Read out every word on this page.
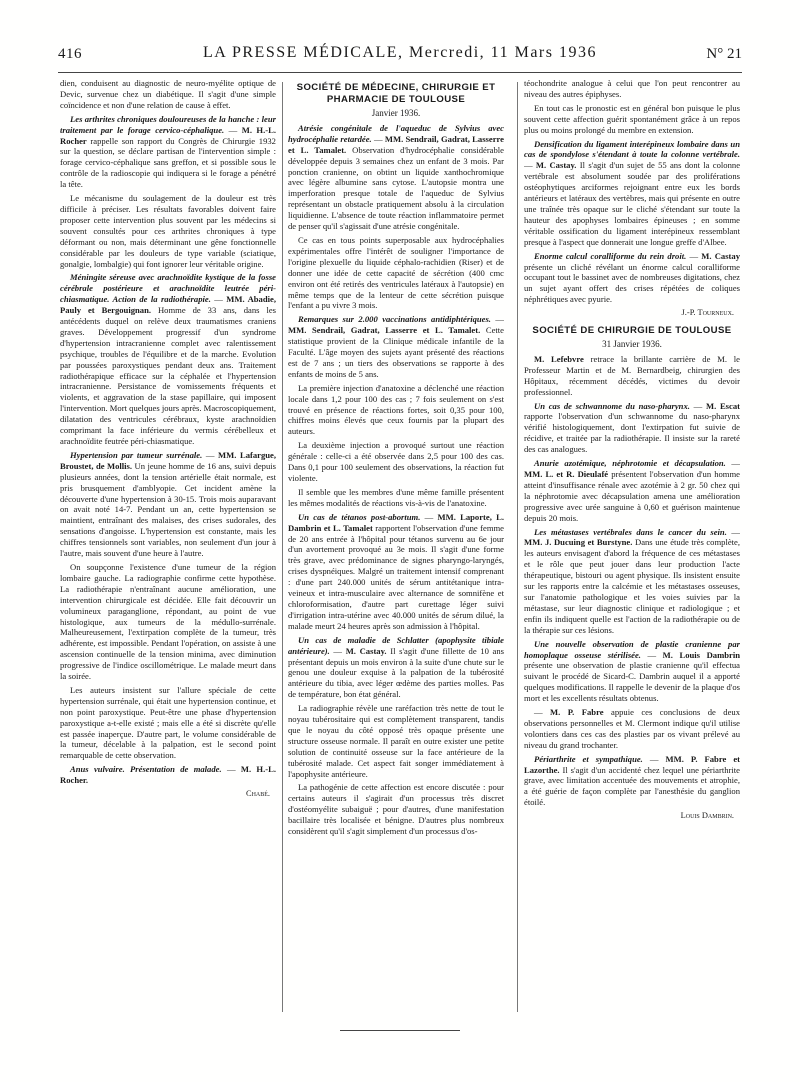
416	LA PRESSE MÉDICALE, Mercredi, 11 Mars 1936	N° 21

dien, conduisent au diagnostic de neuro-myélite optique de Devic, survenue chez un diabétique. Il s'agit d'une simple coïncidence et non d'une relation de cause à effet.

Les arthrites chroniques douloureuses de la hanche : leur traitement par le forage cervico-céphalique. — M. H.-L. Rocher rappelle son rapport du Congrès de Chirurgie 1932 sur la question, se déclare partisan de l'intervention simple : forage cervico-céphalique sans greffon, et si possible sous le contrôle de la radioscopie qui indiquera si le forage a pénétré la tête.

Le mécanisme du soulagement de la douleur est très difficile à préciser. Les résultats favorables doivent faire proposer cette intervention plus souvent par les médecins si souvent consultés pour ces arthrites chroniques à type déformant ou non, mais déterminant une gêne fonctionnelle considérable par les douleurs de type variable (sciatique, gonalgie, lombalgie) qui font ignorer leur véritable origine.

Méningite séreuse avec arachnoïdite kystique de la fosse cérébrale postérieure et arachnoïdite leutrée péri-chiasmatique. Action de la radiothérapie. — MM. Abadie, Pauly et Bergouignan. Homme de 33 ans, dans les antécédents duquel on relève deux traumatismes craniens graves. Développement progressif d'un syndrome d'hypertension intracranienne complet avec ralentissement psychique, troubles de l'équilibre et de la marche. Evolution par poussées paroxystiques pendant deux ans. Traitement radiothérapique efficace sur la céphalée et l'hypertension intracranienne. Persistance de vomissements fréquents et violents, et aggravation de la stase papillaire, qui imposent l'intervention. Mort quelques jours après. Macroscopiquement, dilatation des ventricules cérébraux, kyste arachnoïdien comprimant la face inférieure du vermis cérébelleux et arachnoïdite feutrée péri-chiasmatique.

Hypertension par tumeur surrénale. — MM. Lafargue, Broustet, de Mollis. Un jeune homme de 16 ans, suivi depuis plusieurs années, dont la tension artérielle était normale, est pris brusquement d'amblyopie. Cet incident amène la découverte d'une hypertension à 30-15. Trois mois auparavant on avait noté 14-7. Pendant un an, cette hypertension se maintient, entraînant des malaises, des crises sudorales, des sensations d'angoisse. L'hypertension est constante, mais les chiffres tensionnels sont variables, non seulement d'un jour à l'autre, mais souvent d'une heure à l'autre.

On soupçonne l'existence d'une tumeur de la région lombaire gauche. La radiographie confirme cette hypothèse. La radiothérapie n'entraînant aucune amélioration, une intervention chirurgicale est décidée. Elle fait découvrir un volumineux paraganglione, répondant, au point de vue histologique, aux tumeurs de la médullo-surrénale. Malheureusement, l'extirpation complète de la tumeur, très adhérente, est impossible. Pendant l'opération, on assiste à une ascension continuelle de la tension minima, avec diminution progressive de l'indice oscillométrique. Le malade meurt dans la soirée.

Les auteurs insistent sur l'allure spéciale de cette hypertension surrénale, qui était une hypertension continue, et non point paroxystique. Peut-être une phase d'hypertension paroxystique a-t-elle existé ; mais elle a été si discrète qu'elle est passée inaperçue. D'autre part, le volume considérable de la tumeur, décelable à la palpation, est le second point remarquable de cette observation.

Anus vulvaire. Présentation de malade. — M. H.-L. Rocher.

Chabé.
SOCIÉTÉ DE MÉDECINE, CHIRURGIE ET PHARMACIE DE TOULOUSE
Janvier 1936.

Atrésie congénitale de l'aqueduc de Sylvius avec hydrocéphalie retardée. — MM. Sendrail, Gadrat, Lasserre et L. Tamalet. Observation d'hydrocéphalie considérable développée depuis 3 semaines chez un enfant de 3 mois. Par ponction cranienne, on obtint un liquide xanthochromique avec légère albumine sans cytose. L'autopsie montra une imperforation presque totale de l'aqueduc de Sylvius représentant un obstacle pratiquement absolu à la circulation liquidienne. L'absence de toute réaction inflammatoire permet de penser qu'il s'agissait d'une atrésie congénitale.

Ce cas en tous points superposable aux hydrocéphalies expérimentales offre l'intérêt de souligner l'importance de l'origine plexuelle du liquide céphalo-rachidien (Riser) et de donner une idée de cette capacité de sécrétion (400 cmc environ ont été retirés des ventricules latéraux à l'autopsie) en même temps que de la lenteur de cette sécrétion puisque l'enfant a pu vivre 3 mois.

Remarques sur 2.000 vaccinations antidiphtériques. — MM. Sendrail, Gadrat, Lasserre et L. Tamalet. Cette statistique provient de la Clinique médicale infantile de la Faculté. L'âge moyen des sujets ayant présenté des réactions est de 7 ans ; un tiers des observations se rapporte à des enfants de moins de 5 ans.

La première injection d'anatoxine a déclenché une réaction locale dans 1,2 pour 100 des cas ; 7 fois seulement on s'est trouvé en présence de réactions fortes, soit 0,35 pour 100, chiffres moins élevés que ceux fournis par la plupart des auteurs.

La deuxième injection a provoqué surtout une réaction générale : celle-ci a été observée dans 2,5 pour 100 des cas. Dans 0,1 pour 100 seulement des observations, la réaction fut violente.

Il semble que les membres d'une même famille présentent les mêmes modalités de réactions vis-à-vis de l'anatoxine.

Un cas de tétanos post-abortum. — MM. Laporte, L. Dambrin et L. Tamalet rapportent l'observation d'une femme de 20 ans entrée à l'hôpital pour tétanos survenu au 6e jour d'un avortement provoqué au 3e mois. Il s'agit d'une forme très grave, avec prédominance de signes pharyngo-laryngés, crises dyspnéiques. Malgré un traitement intensif comprenant : d'une part 240.000 unités de sérum antitétanique intra-veineux et intra-musculaire avec alternance de somnifène et chloroformisation, d'autre part curettage léger suivi d'irrigation intra-utérine avec 40.000 unités de sérum dilué, la malade meurt 24 heures après son admission à l'hôpital.

Un cas de maladie de Schlatter (apophysite tibiale antérieure). — M. Castay. Il s'agit d'une fillette de 10 ans présentant depuis un mois environ à la suite d'une chute sur le genou une douleur exquise à la palpation de la tubérosité antérieure du tibia, avec léger œdème des parties molles. Pas de température, bon état général.

La radiographie révèle une raréfaction très nette de tout le noyau tubérositaire qui est complètement transparent, tandis que le noyau du côté opposé très opaque présente une structure osseuse normale. Il paraît en outre exister une petite solution de continuité osseuse sur la face antérieure de la tubérosité malade. Cet aspect fait songer immédiatement à l'apophysite antérieure.

La pathogénie de cette affection est encore discutée : pour certains auteurs il s'agirait d'un processus très discret d'ostéomyélite subaiguë ; pour d'autres, d'une manifestation bacillaire très localisée et bénigne. D'autres plus nombreux considèrent qu'il s'agit simplement d'un processus d'os-

téochondrite analogue à celui que l'on peut rencontrer au niveau des autres épiphyses.

En tout cas le pronostic est en général bon puisque le plus souvent cette affection guérit spontanément grâce à un repos plus ou moins prolongé du membre en extension.

Densification du ligament interépineux lombaire dans un cas de spondylose s'étendant à toute la colonne vertébrale. — M. Castay. Il s'agit d'un sujet de 55 ans dont la colonne vertébrale est absolument soudée par des proliférations ostéophytiques arciformes rejoignant entre eux les bords antérieurs et latéraux des vertèbres, mais qui présente en outre une traînée très opaque sur le cliché s'étendant sur toute la hauteur des apophyses lombaires épineuses ; en somme véritable ossification du ligament interépineux ressemblant presque à l'aspect que donnerait une longue greffe d'Albee.

Enorme calcul coralliforme du rein droit. — M. Castay présente un cliché révélant un énorme calcul coralliforme occupant tout le bassinet avec de nombreuses digitations, chez un sujet ayant offert des crises répétées de coliques néphrétiques avec pyurie.

J.-P. Tourneux.
SOCIÉTÉ DE CHIRURGIE DE TOULOUSE
31 Janvier 1936.

M. Lefebvre retrace la brillante carrière de M. le Professeur Martin et de M. Bernardbeig, chirurgien des Hôpitaux, récemment décédés, victimes du devoir professionnel.

Un cas de schwannome du naso-pharynx. — M. Escat rapporte l'observation d'un schwannome du naso-pharynx vérifié histologiquement, dont l'extirpation fut suivie de récidive, et traitée par la radiothérapie. Il insiste sur la rareté des cas analogues.

Anurie azotémique, néphrotomie et décapsulation. — MM. L. et R. Dieulafé présentent l'observation d'un homme atteint d'insuffisance rénale avec azotémie à 2 gr. 50 chez qui la néphrotomie avec décapsulation amena une amélioration progressive avec urée sanguine à 0,60 et guérison maintenue depuis 20 mois.

Les métastases vertébrales dans le cancer du sein. — MM. J. Ducuing et Burstyne. Dans une étude très complète, les auteurs envisagent d'abord la fréquence de ces métastases et le rôle que peut jouer dans leur production l'acte thérapeutique, bistouri ou agent physique. Ils insistent ensuite sur les rapports entre la calcémie et les métastases osseuses, sur l'anatomie pathologique et les voies suivies par la métastase, sur leur diagnostic clinique et radiologique ; et enfin ils indiquent quelle est l'action de la radiothérapie ou de la thérapie sur ces lésions.

Une nouvelle observation de plastie cranienne par homoplaque osseuse stérilisée. — M. Louis Dambrin présente une observation de plastie cranienne qu'il effectua suivant le procédé de Sicard-C. Dambrin auquel il a apporté quelques modifications. Il rappelle le devenir de la plaque d'os mort et les excellents résultats obtenus.

— M. P. Fabre appuie ces conclusions de deux observations personnelles et M. Clermont indique qu'il utilise volontiers dans ces cas des plasties par os vivant prélevé au niveau du grand trochanter.

Périarthrite et sympathique. — MM. P. Fabre et Lazorthe. Il s'agit d'un accidenté chez lequel une périarthrite grave, avec limitation accentuée des mouvements et atrophie, a été guérie de façon complète par l'anesthésie du ganglion étoilé.

Louis Dambrin.
